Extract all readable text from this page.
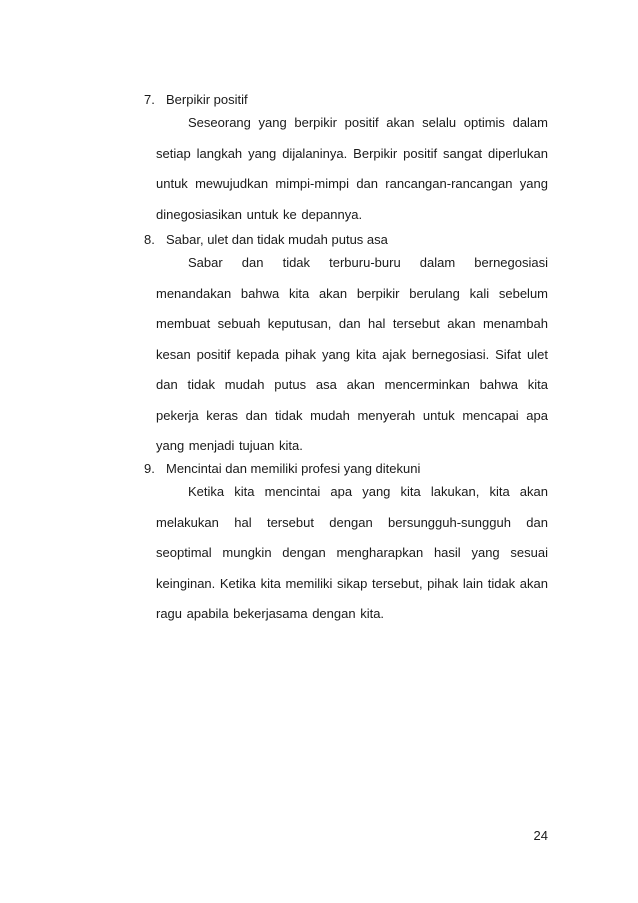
7. Berpikir positif

Seseorang yang berpikir positif akan selalu optimis dalam setiap langkah yang dijalaninya. Berpikir positif sangat diperlukan untuk mewujudkan mimpi-mimpi dan rancangan-rancangan yang dinegosiasikan untuk ke depannya.

8. Sabar, ulet dan tidak mudah putus asa

Sabar dan tidak terburu-buru dalam bernegosiasi menandakan bahwa kita akan berpikir berulang kali sebelum membuat sebuah keputusan, dan hal tersebut akan menambah kesan positif kepada pihak yang kita ajak bernegosiasi. Sifat ulet dan tidak mudah putus asa akan mencerminkan bahwa kita pekerja keras dan tidak mudah menyerah untuk mencapai apa yang menjadi tujuan kita.

9. Mencintai dan memiliki profesi yang ditekuni

Ketika kita mencintai apa yang kita lakukan, kita akan melakukan hal tersebut dengan bersungguh-sungguh dan seoptimal mungkin dengan mengharapkan hasil yang sesuai keinginan. Ketika kita memiliki sikap tersebut, pihak lain tidak akan ragu apabila bekerjasama dengan kita.

24
